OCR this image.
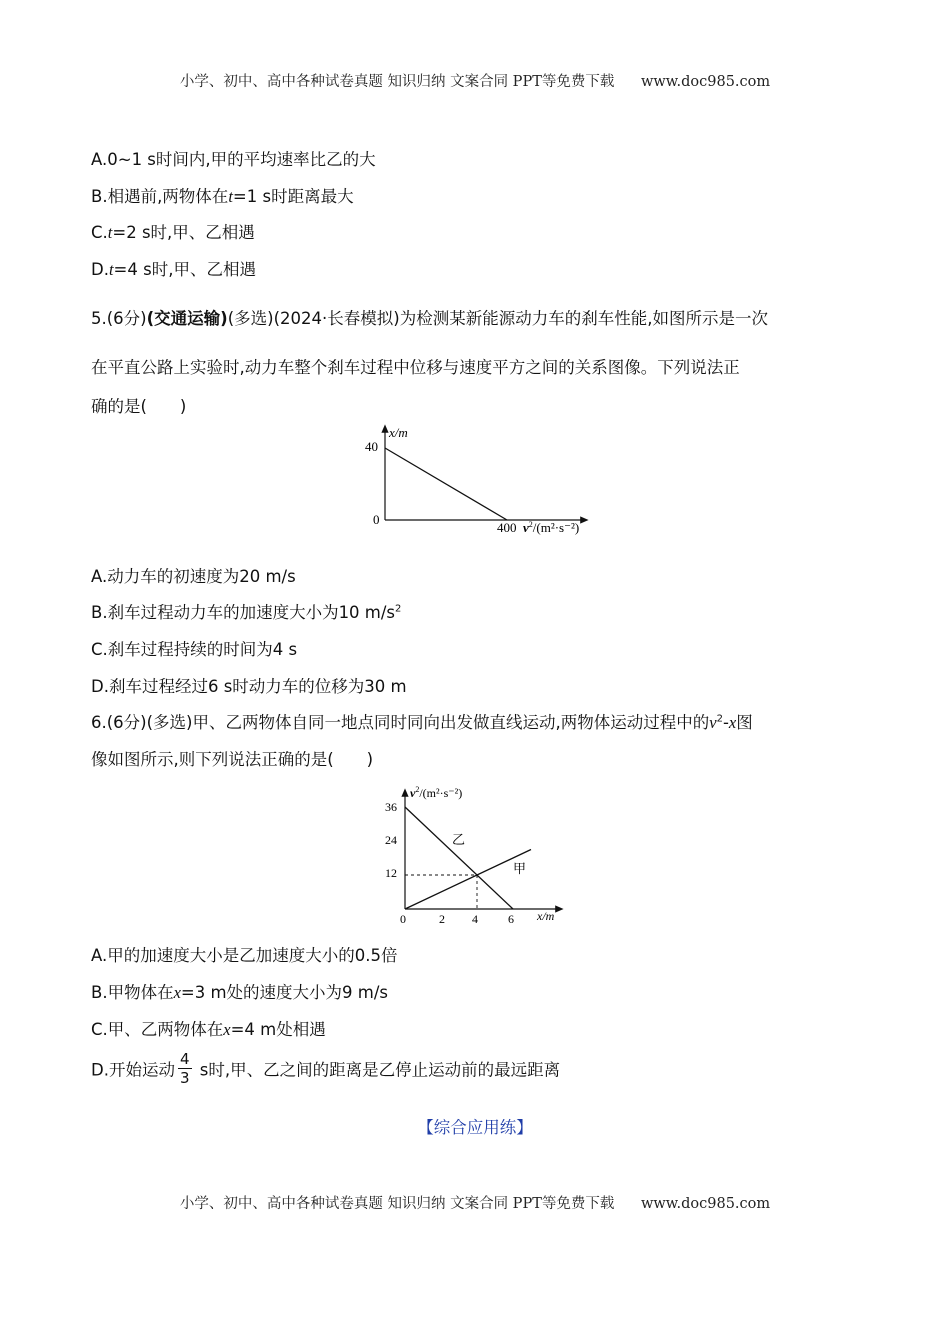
小学、初中、高中各种试卷真题 知识归纳 文案合同 PPT等免费下载 www.doc985.com
A.0~1 s时间内,甲的平均速率比乙的大
B.相遇前,两物体在t=1 s时距离最大
C.t=2 s时,甲、乙相遇
D.t=4 s时,甲、乙相遇
5.(6分)(交通运输)(多选)(2024·长春模拟)为检测某新能源动力车的刹车性能,如图所示是一次
在平直公路上实验时,动力车整个刹车过程中位移与速度平方之间的关系图像。下列说法正
确的是(　　)
x/m
40
0
400 $v^2/(m^2\cdot s^{-2})$
A.动力车的初速度为20 m/s
B.刹车过程动力车的加速度大小为10 $m/s^2$
C.刹车过程持续的时间为4 s
D.刹车过程经过6 s时动力车的位移为30 m
6.(6分)(多选)甲、乙两物体自同一地点同时同向出发做直线运动,两物体运动过程中的$v^2-x$图
像如图所示,则下列说法正确的是(　　)
$v^2/(m^2\cdot s^{-2})$
36
24
12
0	2 4	6 x/m
乙
甲
A.甲的加速度大小是乙加速度大小的0.5倍
B.甲物体在x=3 m处的速度大小为9 m/s
C.甲、乙两物体在x=4 m处相遇
D.开始运动 $\frac{4}{3}$ s时,甲、乙之间的距离是乙停止运动前的最远距离
【综合应用练】
小学、初中、高中各种试卷真题 知识归纳 文案合同 PPT等免费下载 www.doc985.com
